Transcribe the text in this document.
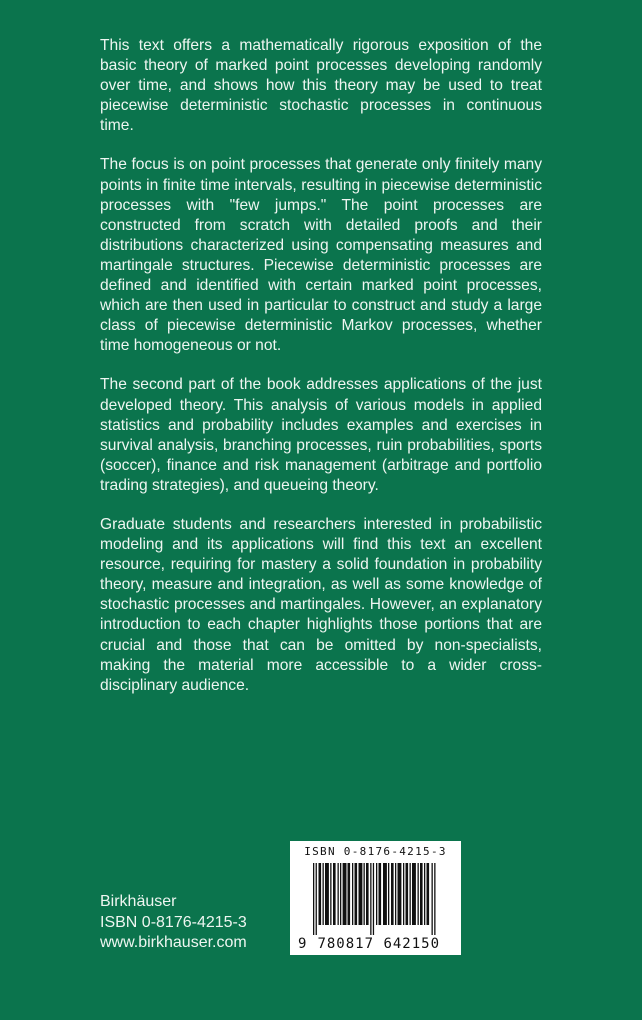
This text offers a mathematically rigorous exposition of the basic theory of marked point processes developing randomly over time, and shows how this theory may be used to treat piecewise deterministic stochastic processes in continuous time.

The focus is on point processes that generate only finitely many points in finite time intervals, resulting in piecewise deterministic processes with "few jumps." The point processes are constructed from scratch with detailed proofs and their distributions characterized using compensating measures and martingale structures. Piecewise deterministic processes are defined and identified with certain marked point processes, which are then used in particular to construct and study a large class of piecewise deterministic Markov processes, whether time homogeneous or not.

The second part of the book addresses applications of the just developed theory. This analysis of various models in applied statistics and probability includes examples and exercises in survival analysis, branching processes, ruin probabilities, sports (soccer), finance and risk management (arbitrage and portfolio trading strategies), and queueing theory.

Graduate students and researchers interested in probabilistic modeling and its applications will find this text an excellent resource, requiring for mastery a solid foundation in probability theory, measure and integration, as well as some knowledge of stochastic processes and martingales. However, an explanatory introduction to each chapter highlights those portions that are crucial and those that can be omitted by non-specialists, making the material more accessible to a wider cross-disciplinary audience.

Birkhäuser
ISBN 0-8176-4215-3
www.birkhauser.com
ISBN 0-8176-4215-3
9 780817 642150
